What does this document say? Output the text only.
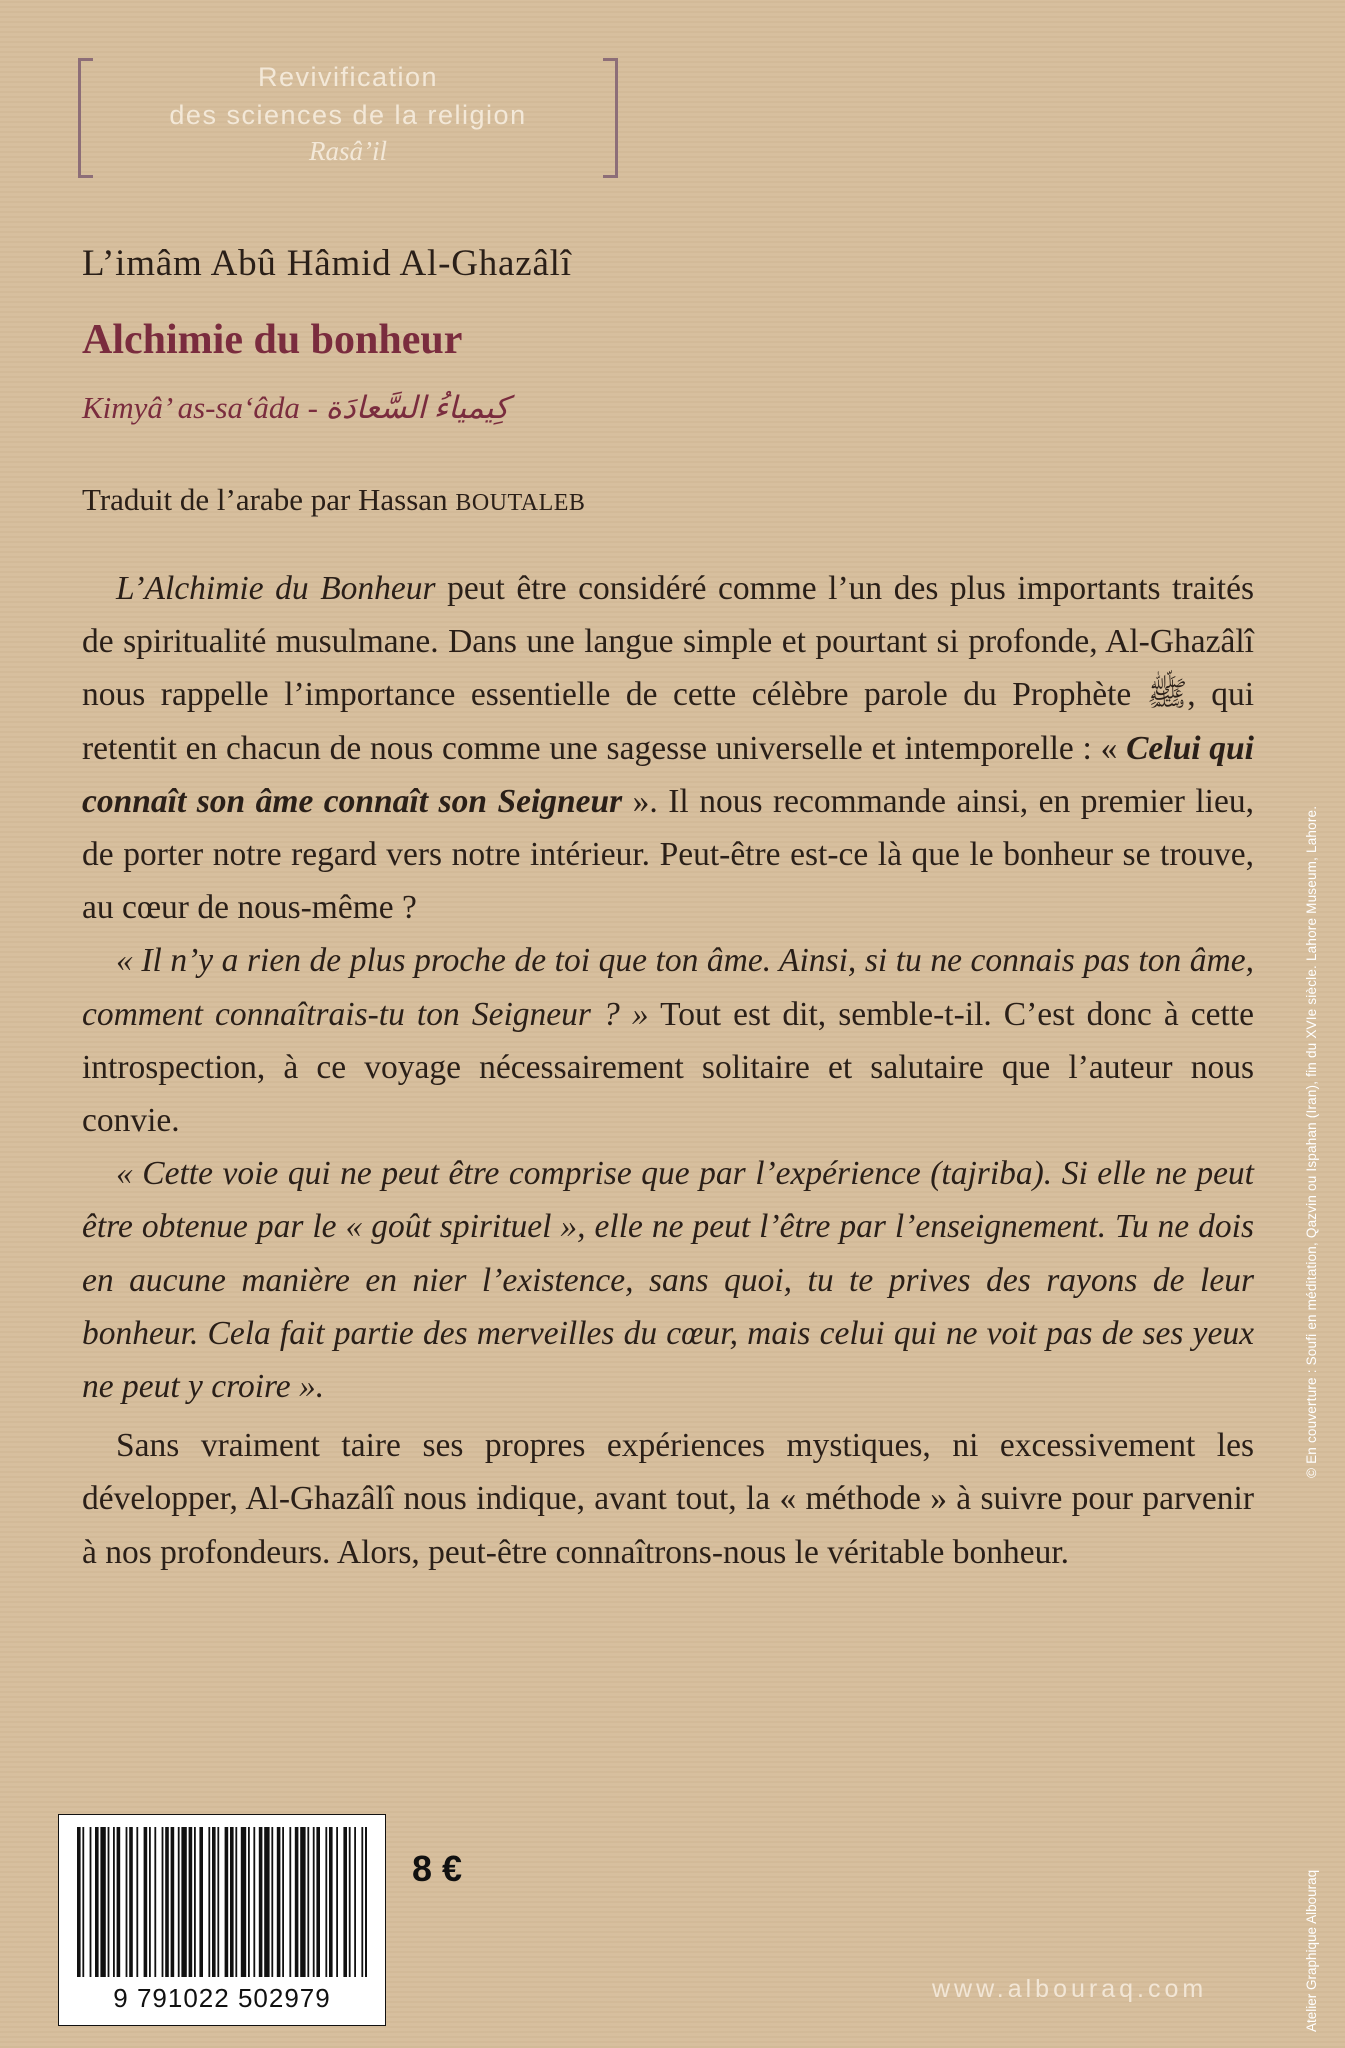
Revivification
des sciences de la religion
Rasâ’il
L’imâm Abû Hâmid Al-Ghazâlî
Alchimie du bonheur
Kimyâ’ as-sa‘âda - كِيمياءُ السَّعادَة
Traduit de l’arabe par Hassan BOUTALEB

L’Alchimie du Bonheur peut être considéré comme l’un des plus importants traités de spiritualité musulmane. Dans une langue simple et pourtant si profonde, Al-Ghazâlî nous rappelle l’importance essentielle de cette célèbre parole du Prophète ﷺ, qui retentit en chacun de nous comme une sagesse universelle et intemporelle : « Celui qui connaît son âme connaît son Seigneur ». Il nous recommande ainsi, en premier lieu, de porter notre regard vers notre intérieur. Peut-être est-ce là que le bonheur se trouve, au cœur de nous-même ?

« Il n’y a rien de plus proche de toi que ton âme. Ainsi, si tu ne connais pas ton âme, comment connaîtrais-tu ton Seigneur ? » Tout est dit, semble-t-il. C’est donc à cette introspection, à ce voyage nécessairement solitaire et salutaire que l’auteur nous convie.

« Cette voie qui ne peut être comprise que par l’expérience (tajriba). Si elle ne peut être obtenue par le « goût spirituel », elle ne peut l’être par l’enseignement. Tu ne dois en aucune manière en nier l’existence, sans quoi, tu te prives des rayons de leur bonheur. Cela fait partie des merveilles du cœur, mais celui qui ne voit pas de ses yeux ne peut y croire ».

Sans vraiment taire ses propres expériences mystiques, ni excessivement les développer, Al-Ghazâlî nous indique, avant tout, la « méthode » à suivre pour parvenir à nos profondeurs. Alors, peut-être connaîtrons-nous le véritable bonheur.

© En couverture : Soufi en méditation, Qazvin ou Ispahan (Iran), fin du XVIe siècle. Lahore Museum, Lahore.
Atelier Graphique Albouraq
9 791022 502979
8 €
www.albouraq.com
